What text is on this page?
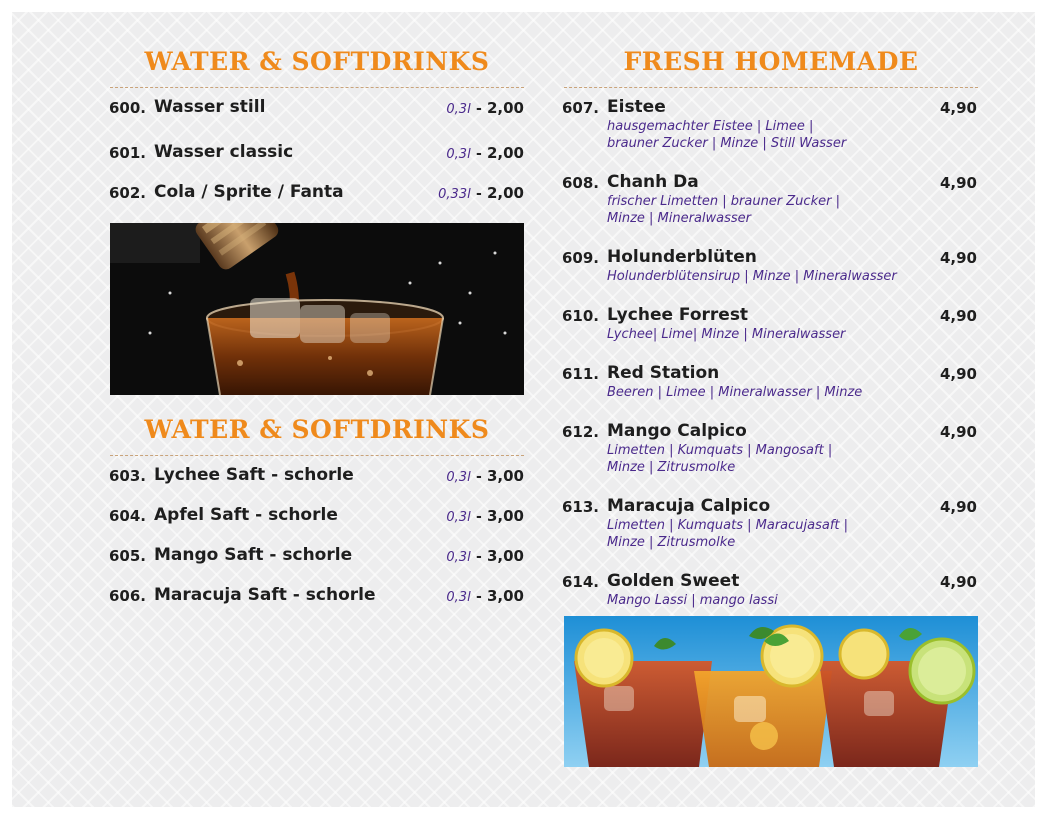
WATER & SOFTDRINKS
600. Wasser still	0,3l - 2,00
601. Wasser classic	0,3l - 2,00
602. Cola / Sprite / Fanta	0,33l - 2,00
WATER & SOFTDRINKS
603. Lychee Saft - schorle	0,3l - 3,00
604. Apfel Saft - schorle	0,3l - 3,00
605. Mango Saft - schorle	0,3l - 3,00
606. Maracuja Saft - schorle	0,3l - 3,00
FRESH HOMEMADE
607. Eistee	4,90
hausgemachter Eistee | Limee |
brauner Zucker | Minze | Still Wasser
608. Chanh Da	4,90
frischer Limetten | brauner Zucker |
Minze | Mineralwasser
609. Holunderblüten	4,90
Holunderblütensirup | Minze | Mineralwasser
610. Lychee Forrest	4,90
Lychee| Lime| Minze | Mineralwasser
611. Red Station	4,90
Beeren | Limee | Mineralwasser | Minze
612. Mango Calpico	4,90
Limetten | Kumquats | Mangosaft |
Minze | Zitrusmolke
613. Maracuja Calpico	4,90
Limetten | Kumquats | Maracujasaft |
Minze | Zitrusmolke
614. Golden Sweet	4,90
Mango Lassi | mango lassi
